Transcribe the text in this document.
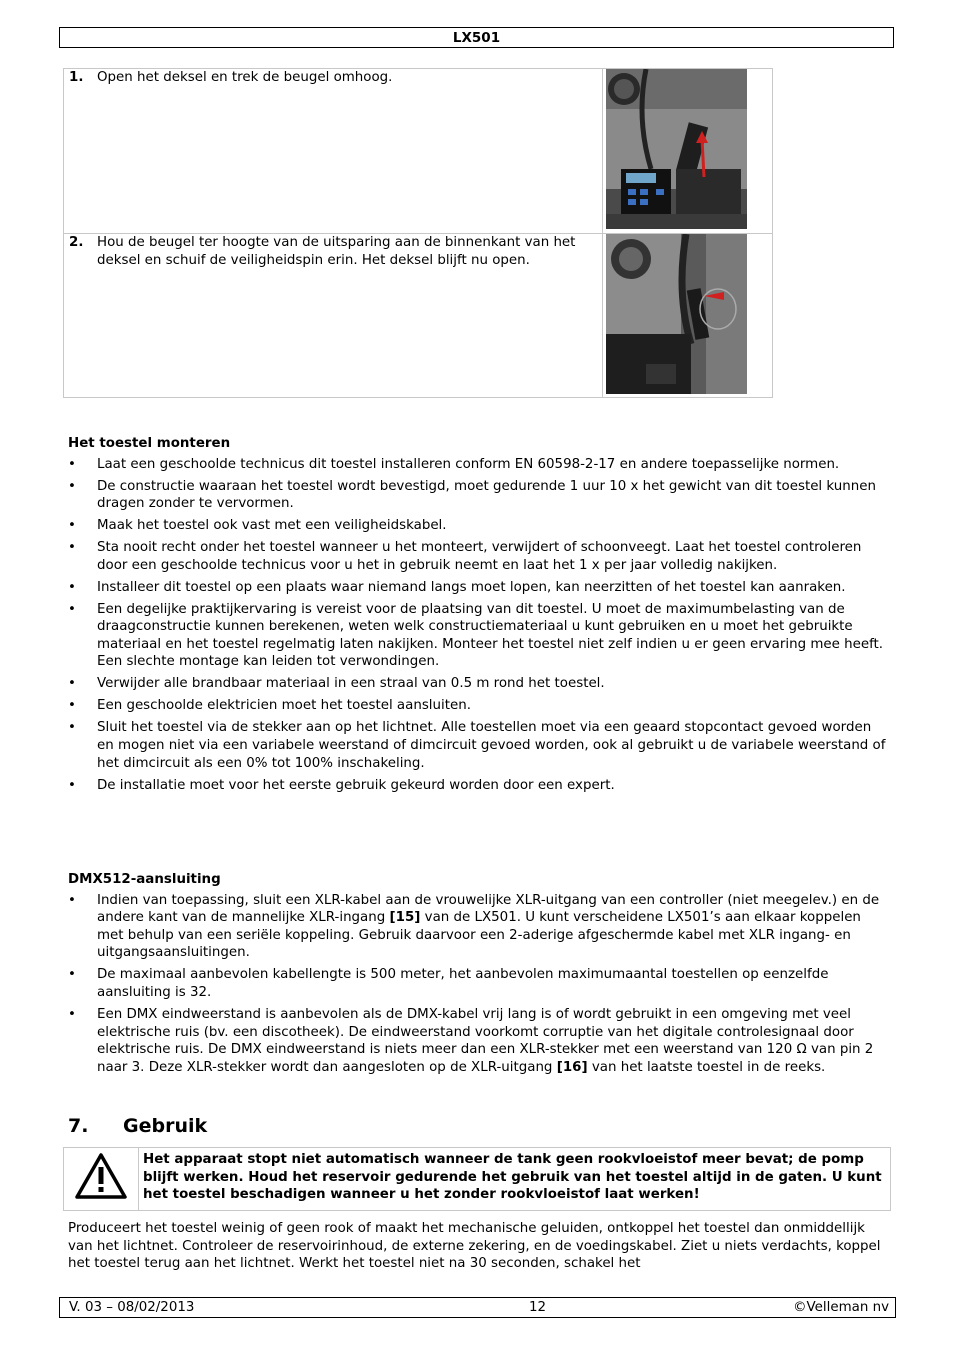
LX501
1. Open het deksel en trek de beugel omhoog.

2. Hou de beugel ter hoogte van de uitsparing aan de binnenkant van het deksel en schuif de veiligheidspin erin. Het deksel blijft nu open.

Het toestel monteren
• Laat een geschoolde technicus dit toestel installeren conform EN 60598-2-17 en andere toepasselijke normen.
• De constructie waaraan het toestel wordt bevestigd, moet gedurende 1 uur 10 x het gewicht van dit toestel kunnen dragen zonder te vervormen.
• Maak het toestel ook vast met een veiligheidskabel.
• Sta nooit recht onder het toestel wanneer u het monteert, verwijdert of schoonveegt. Laat het toestel controleren door een geschoolde technicus voor u het in gebruik neemt en laat het 1 x per jaar volledig nakijken.
• Installeer dit toestel op een plaats waar niemand langs moet lopen, kan neerzitten of het toestel kan aanraken.
• Een degelijke praktijkervaring is vereist voor de plaatsing van dit toestel. U moet de maximumbelasting van de draagconstructie kunnen berekenen, weten welk constructiemateriaal u kunt gebruiken en u moet het gebruikte materiaal en het toestel regelmatig laten nakijken. Monteer het toestel niet zelf indien u er geen ervaring mee heeft. Een slechte montage kan leiden tot verwondingen.
• Verwijder alle brandbaar materiaal in een straal van 0.5 m rond het toestel.
• Een geschoolde elektricien moet het toestel aansluiten.
• Sluit het toestel via de stekker aan op het lichtnet. Alle toestellen moet via een geaard stopcontact gevoed worden en mogen niet via een variabele weerstand of dimcircuit gevoed worden, ook al gebruikt u de variabele weerstand of het dimcircuit als een 0% tot 100% inschakeling.
• De installatie moet voor het eerste gebruik gekeurd worden door een expert.
DMX512-aansluiting
• Indien van toepassing, sluit een XLR-kabel aan de vrouwelijke XLR-uitgang van een controller (niet meegelev.) en de andere kant van de mannelijke XLR-ingang [15] van de LX501. U kunt verscheidene LX501’s aan elkaar koppelen met behulp van een seriële koppeling. Gebruik daarvoor een 2-aderige afgeschermde kabel met XLR ingang- en uitgangsaansluitingen.
• De maximaal aanbevolen kabellengte is 500 meter, het aanbevolen maximumaantal toestellen op eenzelfde aansluiting is 32.
• Een DMX eindweerstand is aanbevolen als de DMX-kabel vrij lang is of wordt gebruikt in een omgeving met veel elektrische ruis (bv. een discotheek). De eindweerstand voorkomt corruptie van het digitale controlesignaal door elektrische ruis. De DMX eindweerstand is niets meer dan een XLR-stekker met een weerstand van 120 Ω van pin 2 naar 3. Deze XLR-stekker wordt dan aangesloten op de XLR-uitgang [16] van het laatste toestel in de reeks.
7. Gebruik
	Het apparaat stopt niet automatisch wanneer de tank geen rookvloeistof meer bevat; de pomp blijft werken. Houd het reservoir gedurende het gebruik van het toestel altijd in de gaten. U kunt het toestel beschadigen wanneer u het zonder rookvloeistof laat werken!
Produceert het toestel weinig of geen rook of maakt het mechanische geluiden, ontkoppel het toestel dan onmiddellijk van het lichtnet. Controleer de reservoirinhoud, de externe zekering, en de voedingskabel. Ziet u niets verdachts, koppel het toestel terug aan het lichtnet. Werkt het toestel niet na 30 seconden, schakel het
V. 03 – 08/02/2013	12	©Velleman nv
